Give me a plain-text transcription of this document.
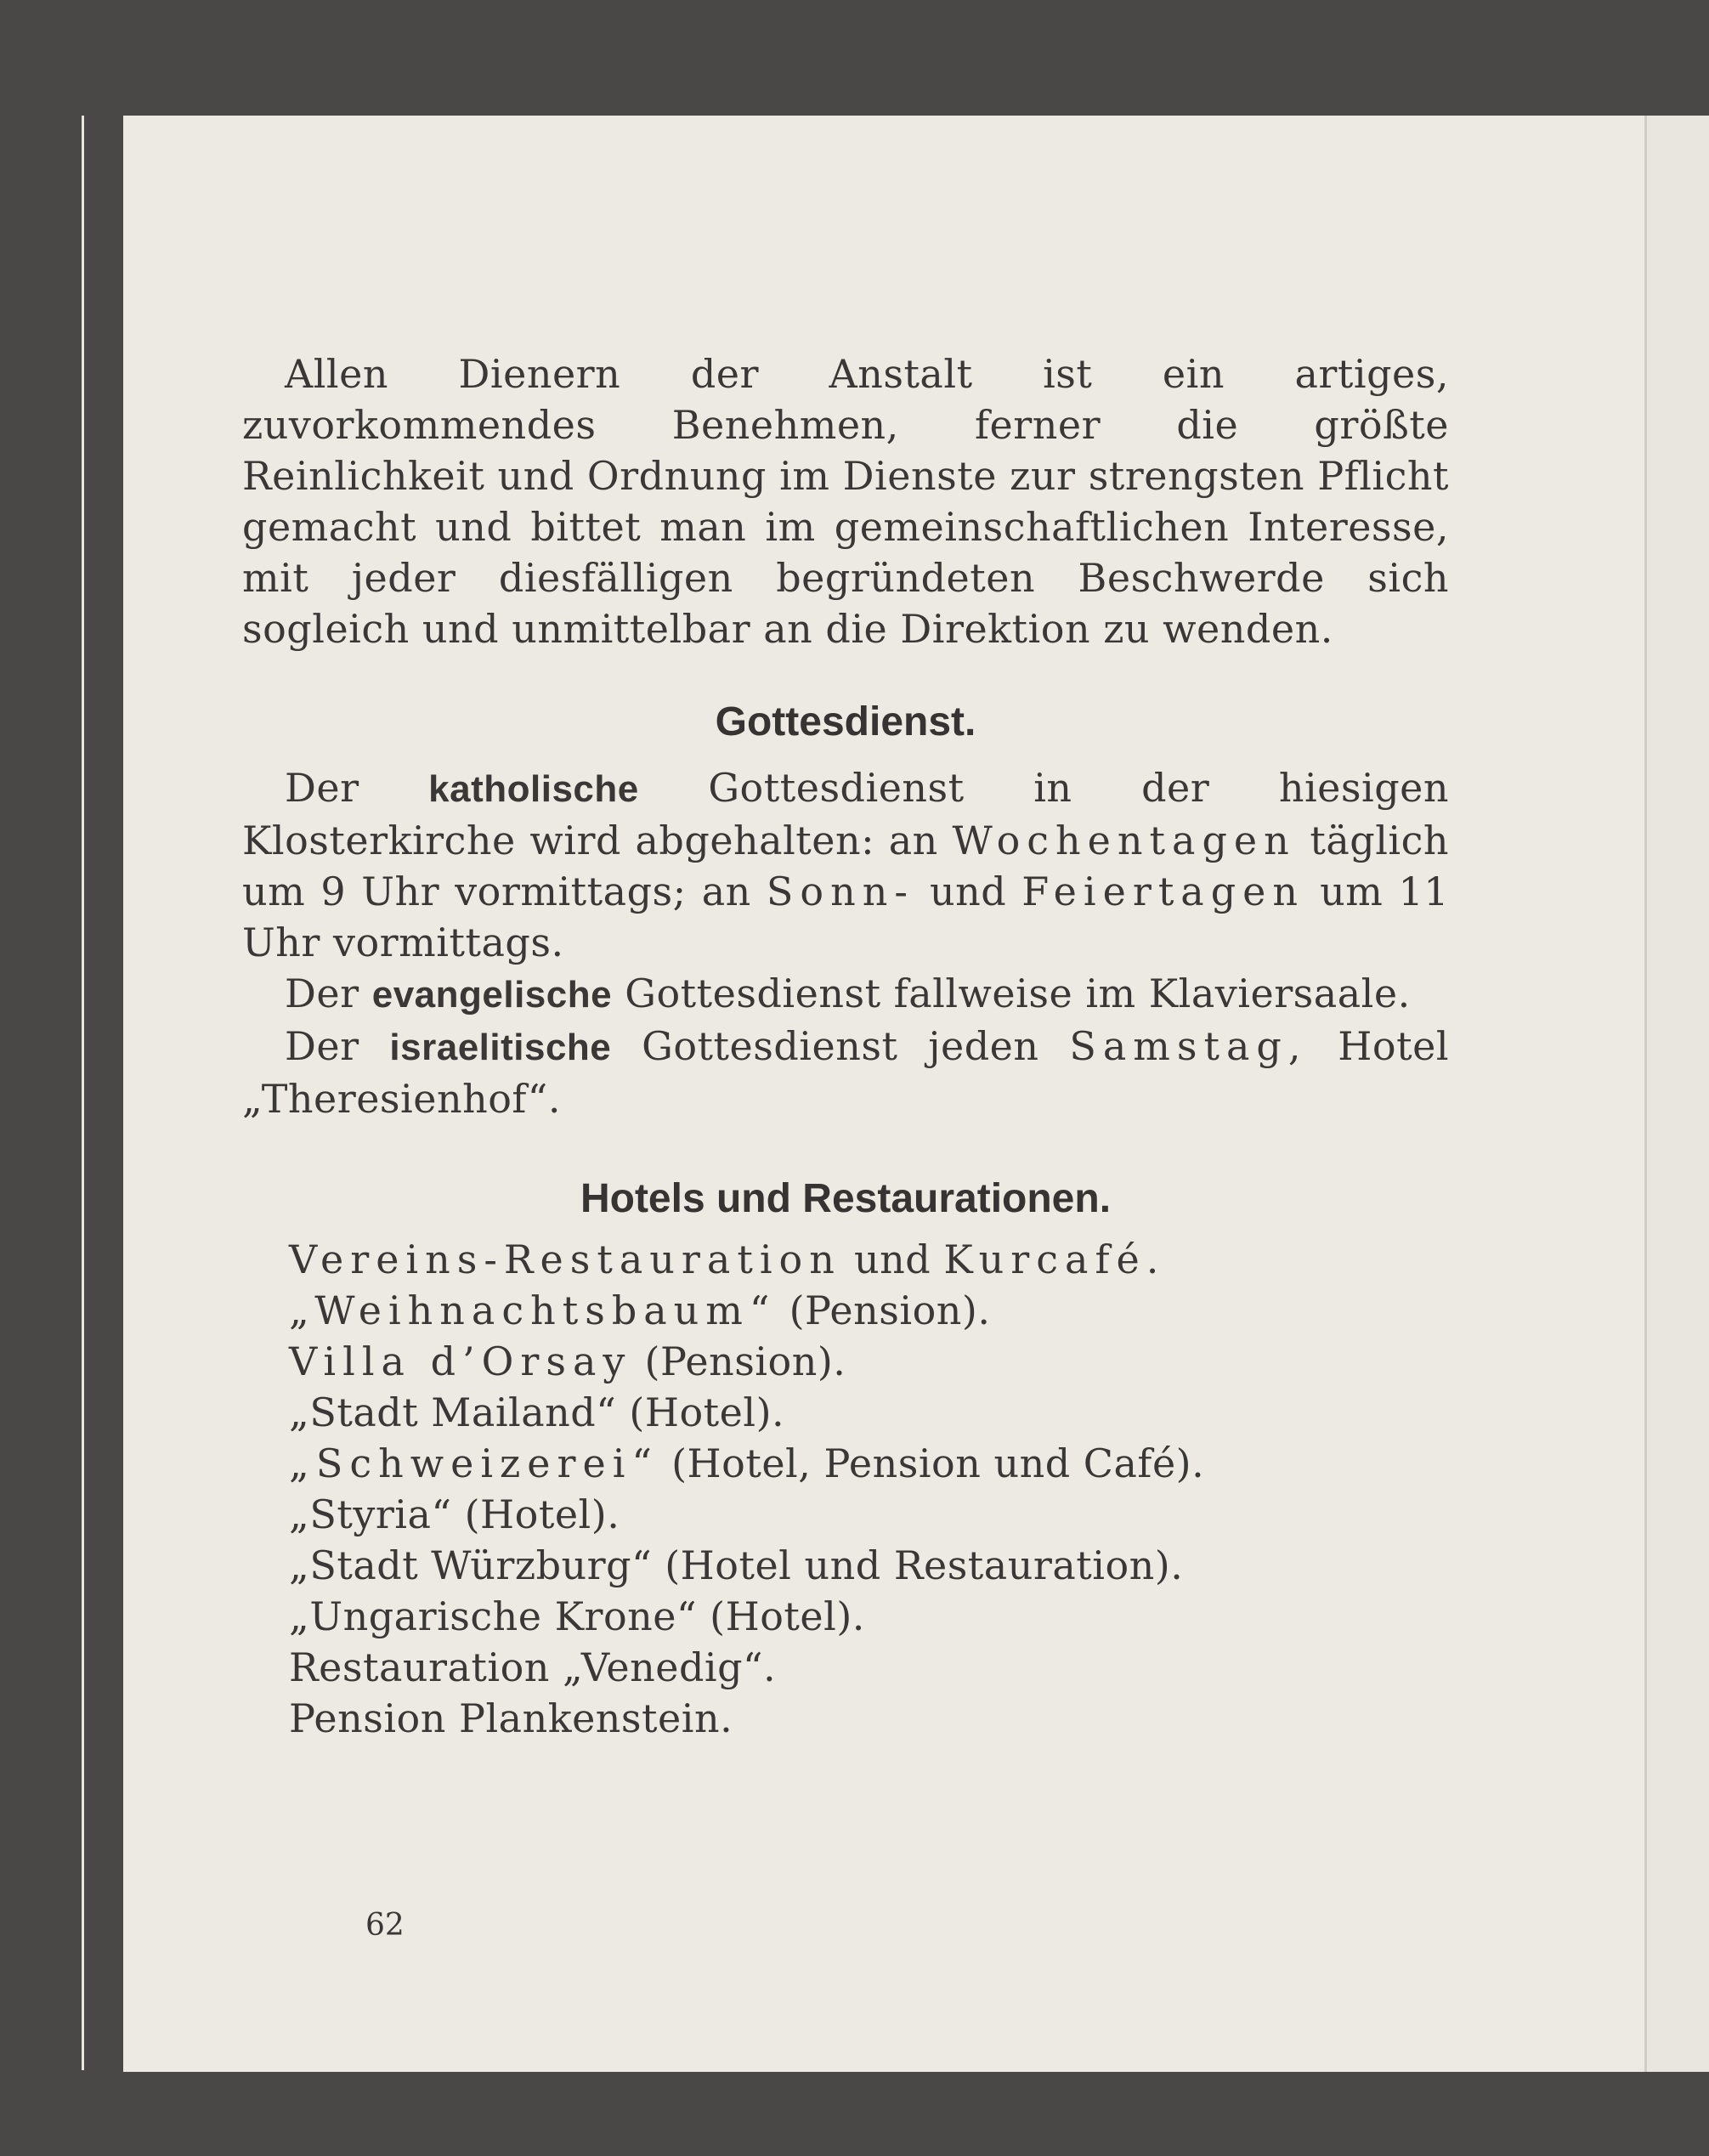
Allen Dienern der Anstalt ist ein artiges, zuvorkommendes Benehmen, ferner die größte Reinlichkeit und Ordnung im Dienste zur strengsten Pflicht gemacht und bittet man im gemeinschaftlichen Interesse, mit jeder diesfälligen begründeten Beschwerde sich sogleich und unmittelbar an die Direktion zu wenden.

Gottesdienst.

Der katholische Gottesdienst in der hiesigen Klosterkirche wird abgehalten: an Wochentagen täglich um 9 Uhr vormittags; an Sonn- und Feiertagen um 11 Uhr vormittags.

Der evangelische Gottesdienst fallweise im Klaviersaale.

Der israelitische Gottesdienst jeden Samstag, Hotel „Theresienhof“.

Hotels und Restaurationen.

Vereins-Restauration und Kurcafé.

„Weihnachtsbaum“ (Pension).

Villa d’Orsay (Pension).

„Stadt Mailand“ (Hotel).

„Schweizerei“ (Hotel, Pension und Café).

„Styria“ (Hotel).

„Stadt Würzburg“ (Hotel und Restauration).

„Ungarische Krone“ (Hotel).

Restauration „Venedig“.

Pension Plankenstein.

62
